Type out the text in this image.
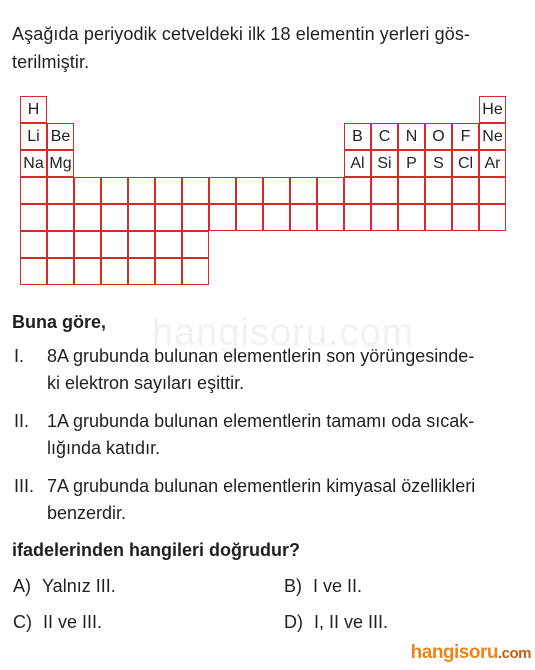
Aşağıda periyodik cetveldeki ilk 18 elementin yerleri gös-
terilmiştir.
H	He
Li Be	B C N O F Ne
Na Mg	Al Si P	S Cl Ar
hangisoru.com
Buna göre,
I.	8A grubunda bulunan elementlerin son yörüngesinde-
ki elektron sayıları eşittir.
II. 1A grubunda bulunan elementlerin tamamı oda sıcak-
lığında katıdır.
III. 7A grubunda bulunan elementlerin kimyasal özellikleri
benzerdir.
ifadelerinden hangileri doğrudur?
A) Yalnız III.	B) I ve II.
C) II ve III.	D) I, II ve III.
hangisoru.com
